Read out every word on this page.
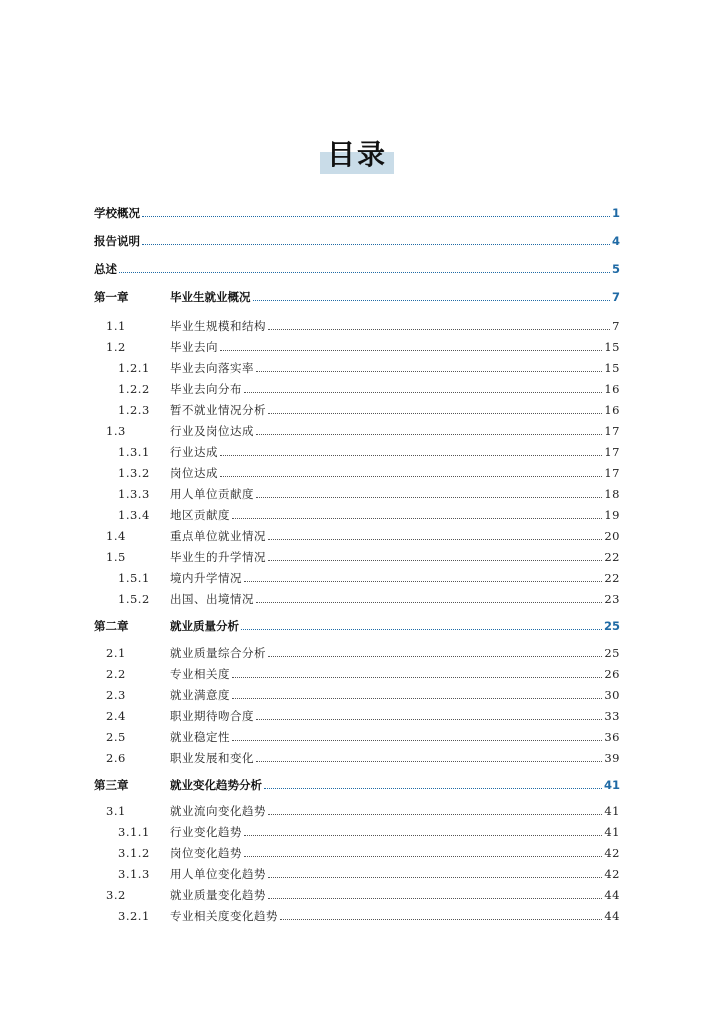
目录
学校概况	1
报告说明	4
总述	5
第一章	毕业生就业概况	7
1.1	毕业生规模和结构	7
1.2	毕业去向	15
1.2.1	毕业去向落实率	15
1.2.2	毕业去向分布	16
1.2.3	暂不就业情况分析	16
1.3	行业及岗位达成	17
1.3.1	行业达成	17
1.3.2	岗位达成	17
1.3.3	用人单位贡献度	18
1.3.4	地区贡献度	19
1.4	重点单位就业情况	20
1.5	毕业生的升学情况	22
1.5.1	境内升学情况	22
1.5.2	出国、出境情况	23
第二章	就业质量分析	25
2.1	就业质量综合分析	25
2.2	专业相关度	26
2.3	就业满意度	30
2.4	职业期待吻合度	33
2.5	就业稳定性	36
2.6	职业发展和变化	39
第三章	就业变化趋势分析	41
3.1	就业流向变化趋势	41
3.1.1	行业变化趋势	41
3.1.2	岗位变化趋势	42
3.1.3	用人单位变化趋势	42
3.2	就业质量变化趋势	44
3.2.1	专业相关度变化趋势	44
